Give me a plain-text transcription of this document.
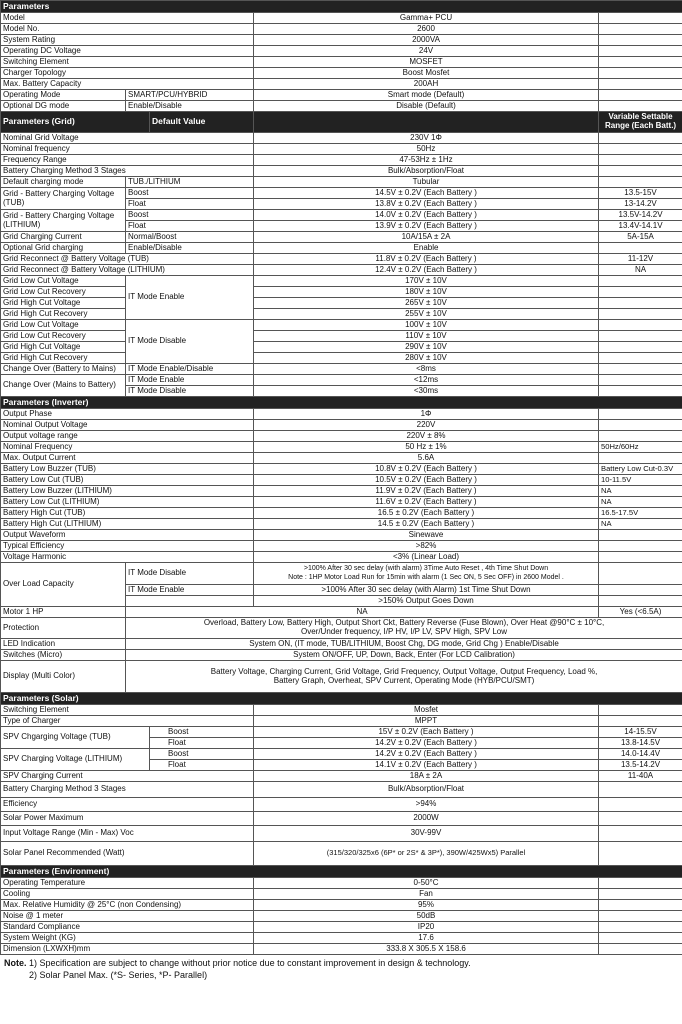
Parameters				
Model			Gamma+ PCU	
Model No.			2600	
System Rating			2000VA	
Operating DC Voltage			24V	
Switching Element			MOSFET	
Charger Topology			Boost Mosfet	
Max. Battery Capacity			200AH	
Operating Mode	SMART/PCU/HYBRID		Smart mode (Default)	
Optional DG mode	Enable/Disable		Disable (Default)	
Parameters (Grid)		Default Value		Variable Settable Range (Each Batt.)
Nominal Grid Voltage			230V 1Φ	
Nominal frequency			50Hz	
Frequency Range			47-53Hz ± 1Hz	
Battery Charging Method 3 Stages			Bulk/Absorption/Float	
Default charging mode	TUB./LITHIUM		Tubular	
Grid - Battery Charging Voltage (TUB)	Boost		14.5V ± 0.2V (Each Battery )	13.5-15V
	Float		13.8V ± 0.2V (Each Battery )	13-14.2V
Grid - Battery Charging Voltage (LITHIUM)	Boost		14.0V ± 0.2V (Each Battery )	13.5V-14.2V
	Float		13.9V ± 0.2V (Each Battery )	13.4V-14.1V
Grid Charging Current	Normal/Boost		10A/15A ± 2A	5A-15A
Optional Grid charging	Enable/Disable		Enable	
Grid Reconnect @ Battery Voltage (TUB)			11.8V ± 0.2V (Each Battery )	11-12V
Grid Reconnect @ Battery Voltage (LITHIUM)			12.4V ± 0.2V (Each Battery )	NA
Grid Low Cut Voltage	IT Mode Enable		170V ± 10V	
Grid Low Cut Recovery			180V ± 10V	
Grid High Cut Voltage			265V ± 10V	
Grid High Cut Recovery			255V ± 10V	
Grid Low Cut Voltage	IT Mode Disable		100V ± 10V	
Grid Low Cut Recovery			110V ± 10V	
Grid High Cut Voltage			290V ± 10V	
Grid High Cut Recovery			280V ± 10V	
Change Over (Battery to Mains)	IT Mode Enable/Disable		<8ms	
Change Over (Mains to Battery)	IT Mode Enable		<12ms	
	IT Mode Disable		<30ms	
Parameters (Inverter)				
Output Phase			1Φ	
Nominal Output Voltage			220V	
Output voltage range			220V ± 8%	
Nominal Frequency			50 Hz ± 1%	50Hz/60Hz
Max. Output Current			5.6A	
Battery Low Buzzer (TUB)			10.8V ± 0.2V (Each Battery )	Battery Low Cut-0.3V
Battery Low Cut (TUB)			10.5V ± 0.2V (Each Battery )	10-11.5V
Battery Low Buzzer (LITHIUM)			11.9V ± 0.2V (Each Battery )	NA
Battery Low Cut (LITHIUM)			11.6V ± 0.2V (Each Battery )	NA
Battery High Cut (TUB)			16.5 ± 0.2V (Each Battery )	16.5-17.5V
Battery High Cut (LITHIUM)			14.5 ± 0.2V (Each Battery )	NA
Output Waveform			Sinewave	
Typical Efficiency			>82%	
Voltage Harmonic			<3% (Linear Load)	
Over Load Capacity	IT Mode Disable		>100% After 30 sec delay (with alarm) 3Time Auto Reset , 4th Time Shut Down
Note : 1HP Motor Load Run for 15min with alarm (1 Sec ON, 5 Sec OFF) in 2600 Model .	

	IT Mode Enable		>100% After 30 sec delay (with Alarm) 1st Time Shut Down	
			>150% Output Goes Down	
Motor 1 HP	NA			Yes (<6.5A)
Protection	Overload, Battery Low, Battery High, Output Short Ckt, Battery Reverse (Fuse Blown), Over Heat @90°C ± 10°C, Over/Under frequency, I/P HV, I/P LV, SPV High, SPV Low			
LED Indication	System ON, (IT mode, TUB/LITHIUM, Boost Chg, DG mode, Grid Chg ) Enable/Disable			
Switches (Micro)	System ON/OFF, UP, Down, Back, Enter (For LCD Calibration)			
Display (Multi Color)	Battery Voltage, Charging Current, Grid Voltage, Grid Frequency, Output Voltage, Output Frequency, Load %, Battery Graph, Overheat, SPV Current, Operating Mode (HYB/PCU/SMT)			
Parameters (Solar)				
Switching Element			Mosfet	
Type of Charger			MPPT	
SPV Chgarging Voltage (TUB)		Boost	15V ± 0.2V (Each Battery )	14-15.5V
		Float	14.2V ± 0.2V (Each Battery )	13.8-14.5V
SPV Charging Voltage (LITHIUM)		Boost	14.2V ± 0.2V (Each Battery )	14.0-14.4V
		Float	14.1V ± 0.2V (Each Battery )	13.5-14.2V
SPV Charging Current			18A ± 2A	11-40A
Battery Charging Method 3 Stages			Bulk/Absorption/Float	
Efficiency			>94%	
Solar Power Maximum			2000W	
Input Voltage Range (Min - Max) Voc			30V-99V	
Solar Panel Recommended (Watt)			(315/320/325x6 (6P* or 2S* & 3P*), 390W/425Wx5) Parallel	
Parameters (Environment)				
Operating Temperature			0-50°C	
Cooling			Fan	
Max. Relative Humidity @ 25°C (non Condensing)			95%	
Noise @ 1 meter			50dB	
Standard Compliance			IP20	
System Weight (KG)			17.6	
Dimension (LXWXH)mm			333.8 X 305.5 X 158.6	
Note. 1) Specification are subject to change without prior notice due to constant improvement in design & technology.
2) Solar Panel Max. (*S- Series, *P- Parallel)
